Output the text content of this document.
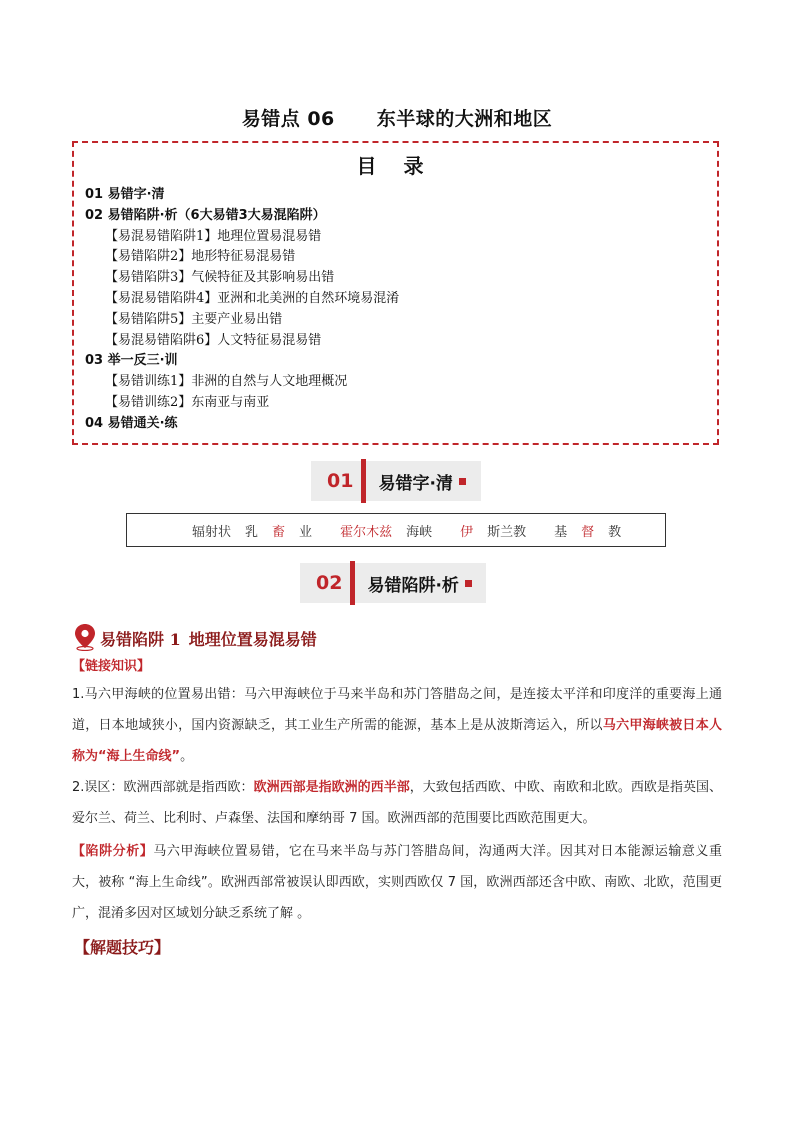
易错点 06 东半球的大洲和地区
目 录
01 易错字·清
02 易错陷阱·析（6大易错3大易混陷阱）
【易混易错陷阱1】地理位置易混易错
【易错陷阱2】地形特征易混易错
【易错陷阱3】气候特征及其影响易出错
【易混易错陷阱4】亚洲和北美洲的自然环境易混淆
【易错陷阱5】主要产业易出错
【易混易错陷阱6】人文特征易混易错
03 举一反三·训
【易错训练1】非洲的自然与人文地理概况
【易错训练2】东南亚与南亚
04 易错通关·练
01	易错字·清
辐射状 乳 畜 业	霍尔木兹 海峡	伊 斯兰教	基 督 教
02	易错陷阱·析
易错陷阱 1 地理位置易混易错
【链接知识】
1.马六甲海峡的位置易出错：马六甲海峡位于马来半岛和苏门答腊岛之间，是连接太平洋和印度洋的重要海上通道，日本地域狭小，国内资源缺乏，其工业生产所需的能源，基本上是从波斯湾运入，所以马六甲海峡被日本人称为“海上生命线”。
2.误区：欧洲西部就是指西欧：欧洲西部是指欧洲的西半部，大致包括西欧、中欧、南欧和北欧。西欧是指英国、爱尔兰、荷兰、比利时、卢森堡、法国和摩纳哥 7 国。欧洲西部的范围要比西欧范围更大。
【陷阱分析】马六甲海峡位置易错，它在马来半岛与苏门答腊岛间，沟通两大洋。因其对日本能源运输意义重大，被称 “海上生命线”。欧洲西部常被误认即西欧，实则西欧仅 7 国，欧洲西部还含中欧、南欧、北欧，范围更广，混淆多因对区域划分缺乏系统了解 。
【解题技巧】
